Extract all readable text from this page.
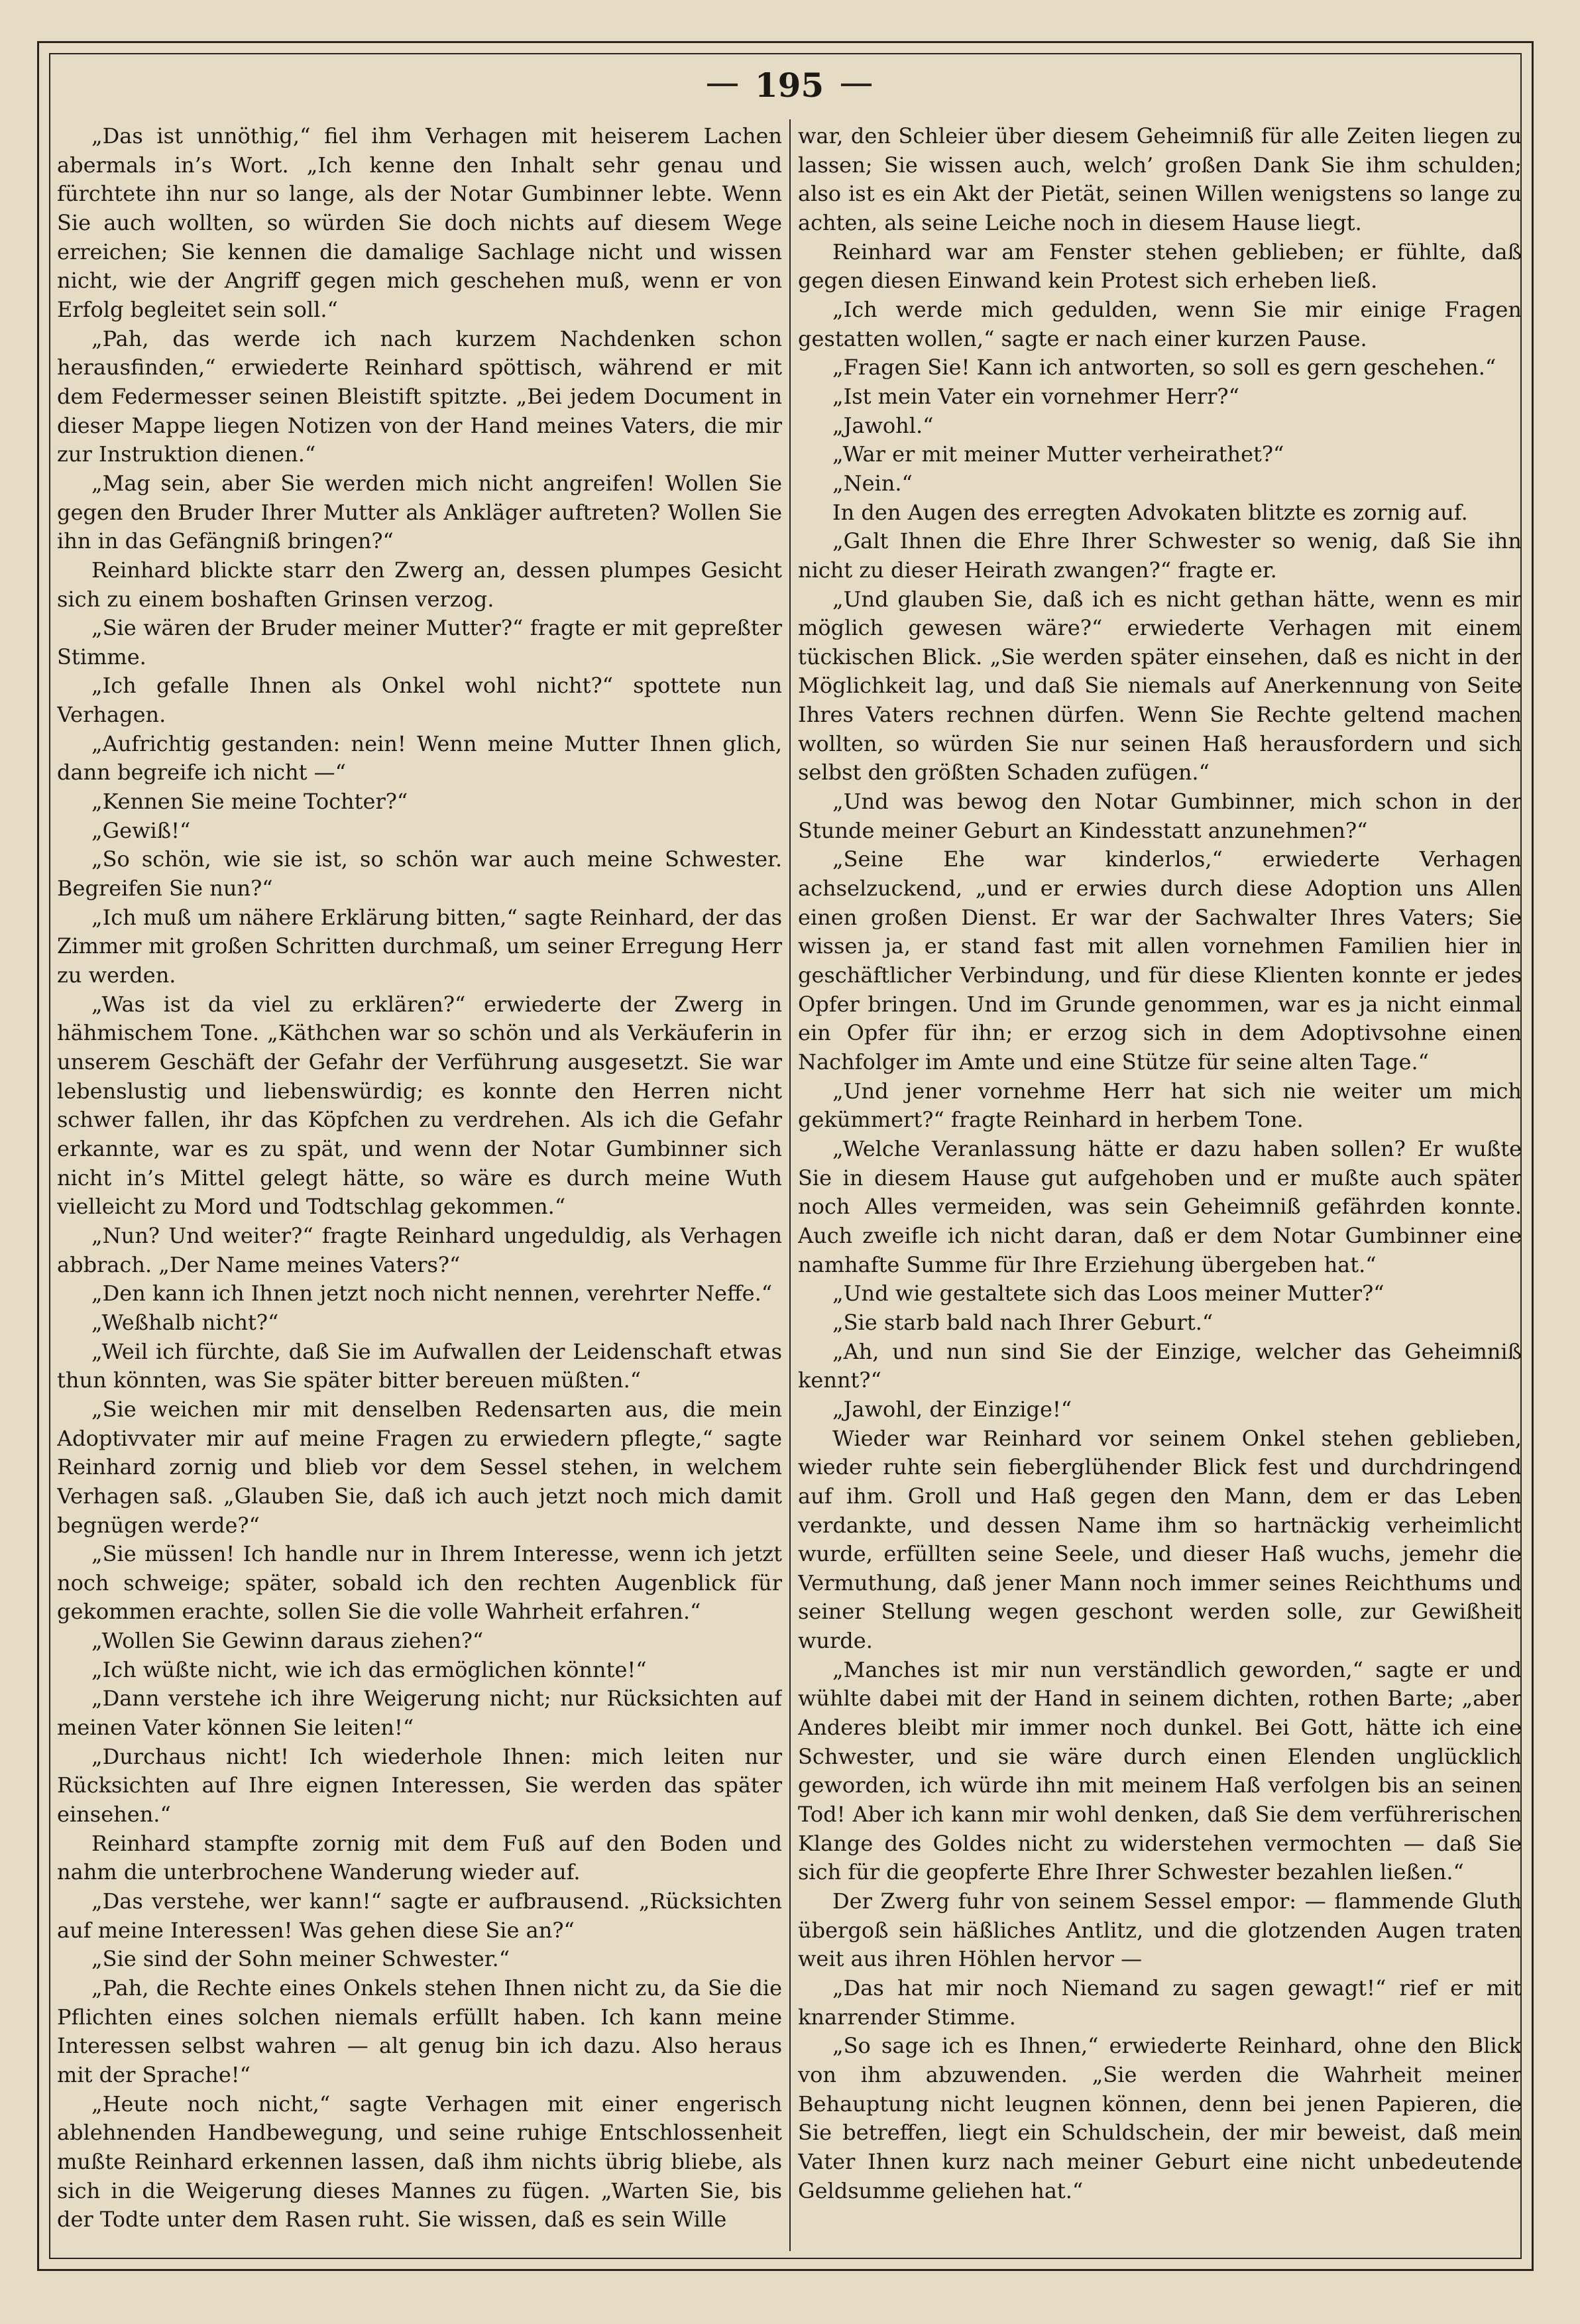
195

„Das ist unnöthig,“ fiel ihm Verhagen mit heiserem Lachen abermals in’s Wort. „Ich kenne den Inhalt sehr genau und fürchtete ihn nur so lange, als der Notar Gumbinner lebte. Wenn Sie auch wollten, so würden Sie doch nichts auf diesem Wege erreichen; Sie kennen die damalige Sachlage nicht und wissen nicht, wie der Angriff gegen mich geschehen muß, wenn er von Erfolg begleitet sein soll.“

„Pah, das werde ich nach kurzem Nachdenken schon herausfinden,“ erwiederte Reinhard spöttisch, während er mit dem Federmesser seinen Bleistift spitzte. „Bei jedem Document in dieser Mappe liegen Notizen von der Hand meines Vaters, die mir zur Instruktion dienen.“

„Mag sein, aber Sie werden mich nicht angreifen! Wollen Sie gegen den Bruder Ihrer Mutter als Ankläger auftreten? Wollen Sie ihn in das Gefängniß bringen?“

Reinhard blickte starr den Zwerg an, dessen plumpes Gesicht sich zu einem boshaften Grinsen verzog.

„Sie wären der Bruder meiner Mutter?“ fragte er mit gepreßter Stimme.

„Ich gefalle Ihnen als Onkel wohl nicht?“ spottete nun Verhagen.

„Aufrichtig gestanden: nein! Wenn meine Mutter Ihnen glich, dann begreife ich nicht —“

„Kennen Sie meine Tochter?“

„Gewiß!“

„So schön, wie sie ist, so schön war auch meine Schwester. Begreifen Sie nun?“

„Ich muß um nähere Erklärung bitten,“ sagte Reinhard, der das Zimmer mit großen Schritten durchmaß, um seiner Erregung Herr zu werden.

„Was ist da viel zu erklären?“ erwiederte der Zwerg in hähmischem Tone. „Käthchen war so schön und als Verkäuferin in unserem Geschäft der Gefahr der Verführung ausgesetzt. Sie war lebenslustig und liebenswürdig; es konnte den Herren nicht schwer fallen, ihr das Köpfchen zu verdrehen. Als ich die Gefahr erkannte, war es zu spät, und wenn der Notar Gumbinner sich nicht in’s Mittel gelegt hätte, so wäre es durch meine Wuth vielleicht zu Mord und Todtschlag gekommen.“

„Nun? Und weiter?“ fragte Reinhard ungeduldig, als Verhagen abbrach. „Der Name meines Vaters?“

„Den kann ich Ihnen jetzt noch nicht nennen, verehrter Neffe.“

„Weßhalb nicht?“

„Weil ich fürchte, daß Sie im Aufwallen der Leidenschaft etwas thun könnten, was Sie später bitter bereuen müßten.“

„Sie weichen mir mit denselben Redensarten aus, die mein Adoptivvater mir auf meine Fragen zu erwiedern pflegte,“ sagte Reinhard zornig und blieb vor dem Sessel stehen, in welchem Verhagen saß. „Glauben Sie, daß ich auch jetzt noch mich damit begnügen werde?“

„Sie müssen! Ich handle nur in Ihrem Interesse, wenn ich jetzt noch schweige; später, sobald ich den rechten Augenblick für gekommen erachte, sollen Sie die volle Wahrheit erfahren.“

„Wollen Sie Gewinn daraus ziehen?“

„Ich wüßte nicht, wie ich das ermöglichen könnte!“

„Dann verstehe ich ihre Weigerung nicht; nur Rücksichten auf meinen Vater können Sie leiten!“

„Durchaus nicht! Ich wiederhole Ihnen: mich leiten nur Rücksichten auf Ihre eignen Interessen, Sie werden das später einsehen.“

Reinhard stampfte zornig mit dem Fuß auf den Boden und nahm die unterbrochene Wanderung wieder auf.

„Das verstehe, wer kann!“ sagte er aufbrausend. „Rücksichten auf meine Interessen! Was gehen diese Sie an?“

„Sie sind der Sohn meiner Schwester.“

„Pah, die Rechte eines Onkels stehen Ihnen nicht zu, da Sie die Pflichten eines solchen niemals erfüllt haben. Ich kann meine Interessen selbst wahren — alt genug bin ich dazu. Also heraus mit der Sprache!“

„Heute noch nicht,“ sagte Verhagen mit einer engerisch ablehnenden Handbewegung, und seine ruhige Entschlossenheit mußte Reinhard erkennen lassen, daß ihm nichts übrig bliebe, als sich in die Weigerung dieses Mannes zu fügen. „Warten Sie, bis der Todte unter dem Rasen ruht. Sie wissen, daß es sein Wille

war, den Schleier über diesem Geheimniß für alle Zeiten liegen zu lassen; Sie wissen auch, welch’ großen Dank Sie ihm schulden; also ist es ein Akt der Pietät, seinen Willen wenigstens so lange zu achten, als seine Leiche noch in diesem Hause liegt.

Reinhard war am Fenster stehen geblieben; er fühlte, daß gegen diesen Einwand kein Protest sich erheben ließ.

„Ich werde mich gedulden, wenn Sie mir einige Fragen gestatten wollen,“ sagte er nach einer kurzen Pause.

„Fragen Sie! Kann ich antworten, so soll es gern geschehen.“

„Ist mein Vater ein vornehmer Herr?“

„Jawohl.“

„War er mit meiner Mutter verheirathet?“

„Nein.“

In den Augen des erregten Advokaten blitzte es zornig auf.

„Galt Ihnen die Ehre Ihrer Schwester so wenig, daß Sie ihn nicht zu dieser Heirath zwangen?“ fragte er.

„Und glauben Sie, daß ich es nicht gethan hätte, wenn es mir möglich gewesen wäre?“ erwiederte Verhagen mit einem tückischen Blick. „Sie werden später einsehen, daß es nicht in der Möglichkeit lag, und daß Sie niemals auf Anerkennung von Seite Ihres Vaters rechnen dürfen. Wenn Sie Rechte geltend machen wollten, so würden Sie nur seinen Haß herausfordern und sich selbst den größten Schaden zufügen.“

„Und was bewog den Notar Gumbinner, mich schon in der Stunde meiner Geburt an Kindesstatt anzunehmen?“

„Seine Ehe war kinderlos,“ erwiederte Verhagen achselzuckend, „und er erwies durch diese Adoption uns Allen einen großen Dienst. Er war der Sachwalter Ihres Vaters; Sie wissen ja, er stand fast mit allen vornehmen Familien hier in geschäftlicher Verbindung, und für diese Klienten konnte er jedes Opfer bringen. Und im Grunde genommen, war es ja nicht einmal ein Opfer für ihn; er erzog sich in dem Adoptivsohne einen Nachfolger im Amte und eine Stütze für seine alten Tage.“

„Und jener vornehme Herr hat sich nie weiter um mich gekümmert?“ fragte Reinhard in herbem Tone.

„Welche Veranlassung hätte er dazu haben sollen? Er wußte Sie in diesem Hause gut aufgehoben und er mußte auch später noch Alles vermeiden, was sein Geheimniß gefährden konnte. Auch zweifle ich nicht daran, daß er dem Notar Gumbinner eine namhafte Summe für Ihre Erziehung übergeben hat.“

„Und wie gestaltete sich das Loos meiner Mutter?“

„Sie starb bald nach Ihrer Geburt.“

„Ah, und nun sind Sie der Einzige, welcher das Geheimniß kennt?“

„Jawohl, der Einzige!“

Wieder war Reinhard vor seinem Onkel stehen geblieben, wieder ruhte sein fieberglühender Blick fest und durchdringend auf ihm. Groll und Haß gegen den Mann, dem er das Leben verdankte, und dessen Name ihm so hartnäckig verheimlicht wurde, erfüllten seine Seele, und dieser Haß wuchs, jemehr die Vermuthung, daß jener Mann noch immer seines Reichthums und seiner Stellung wegen geschont werden solle, zur Gewißheit wurde.

„Manches ist mir nun verständlich geworden,“ sagte er und wühlte dabei mit der Hand in seinem dichten, rothen Barte; „aber Anderes bleibt mir immer noch dunkel. Bei Gott, hätte ich eine Schwester, und sie wäre durch einen Elenden unglücklich geworden, ich würde ihn mit meinem Haß verfolgen bis an seinen Tod! Aber ich kann mir wohl denken, daß Sie dem verführerischen Klange des Goldes nicht zu widerstehen vermochten — daß Sie sich für die geopferte Ehre Ihrer Schwester bezahlen ließen.“

Der Zwerg fuhr von seinem Sessel empor: — flammende Gluth übergoß sein häßliches Antlitz, und die glotzenden Augen traten weit aus ihren Höhlen hervor —

„Das hat mir noch Niemand zu sagen gewagt!“ rief er mit knarrender Stimme.

„So sage ich es Ihnen,“ erwiederte Reinhard, ohne den Blick von ihm abzuwenden. „Sie werden die Wahrheit meiner Behauptung nicht leugnen können, denn bei jenen Papieren, die Sie betreffen, liegt ein Schuldschein, der mir beweist, daß mein Vater Ihnen kurz nach meiner Geburt eine nicht unbedeutende Geldsumme geliehen hat.“
